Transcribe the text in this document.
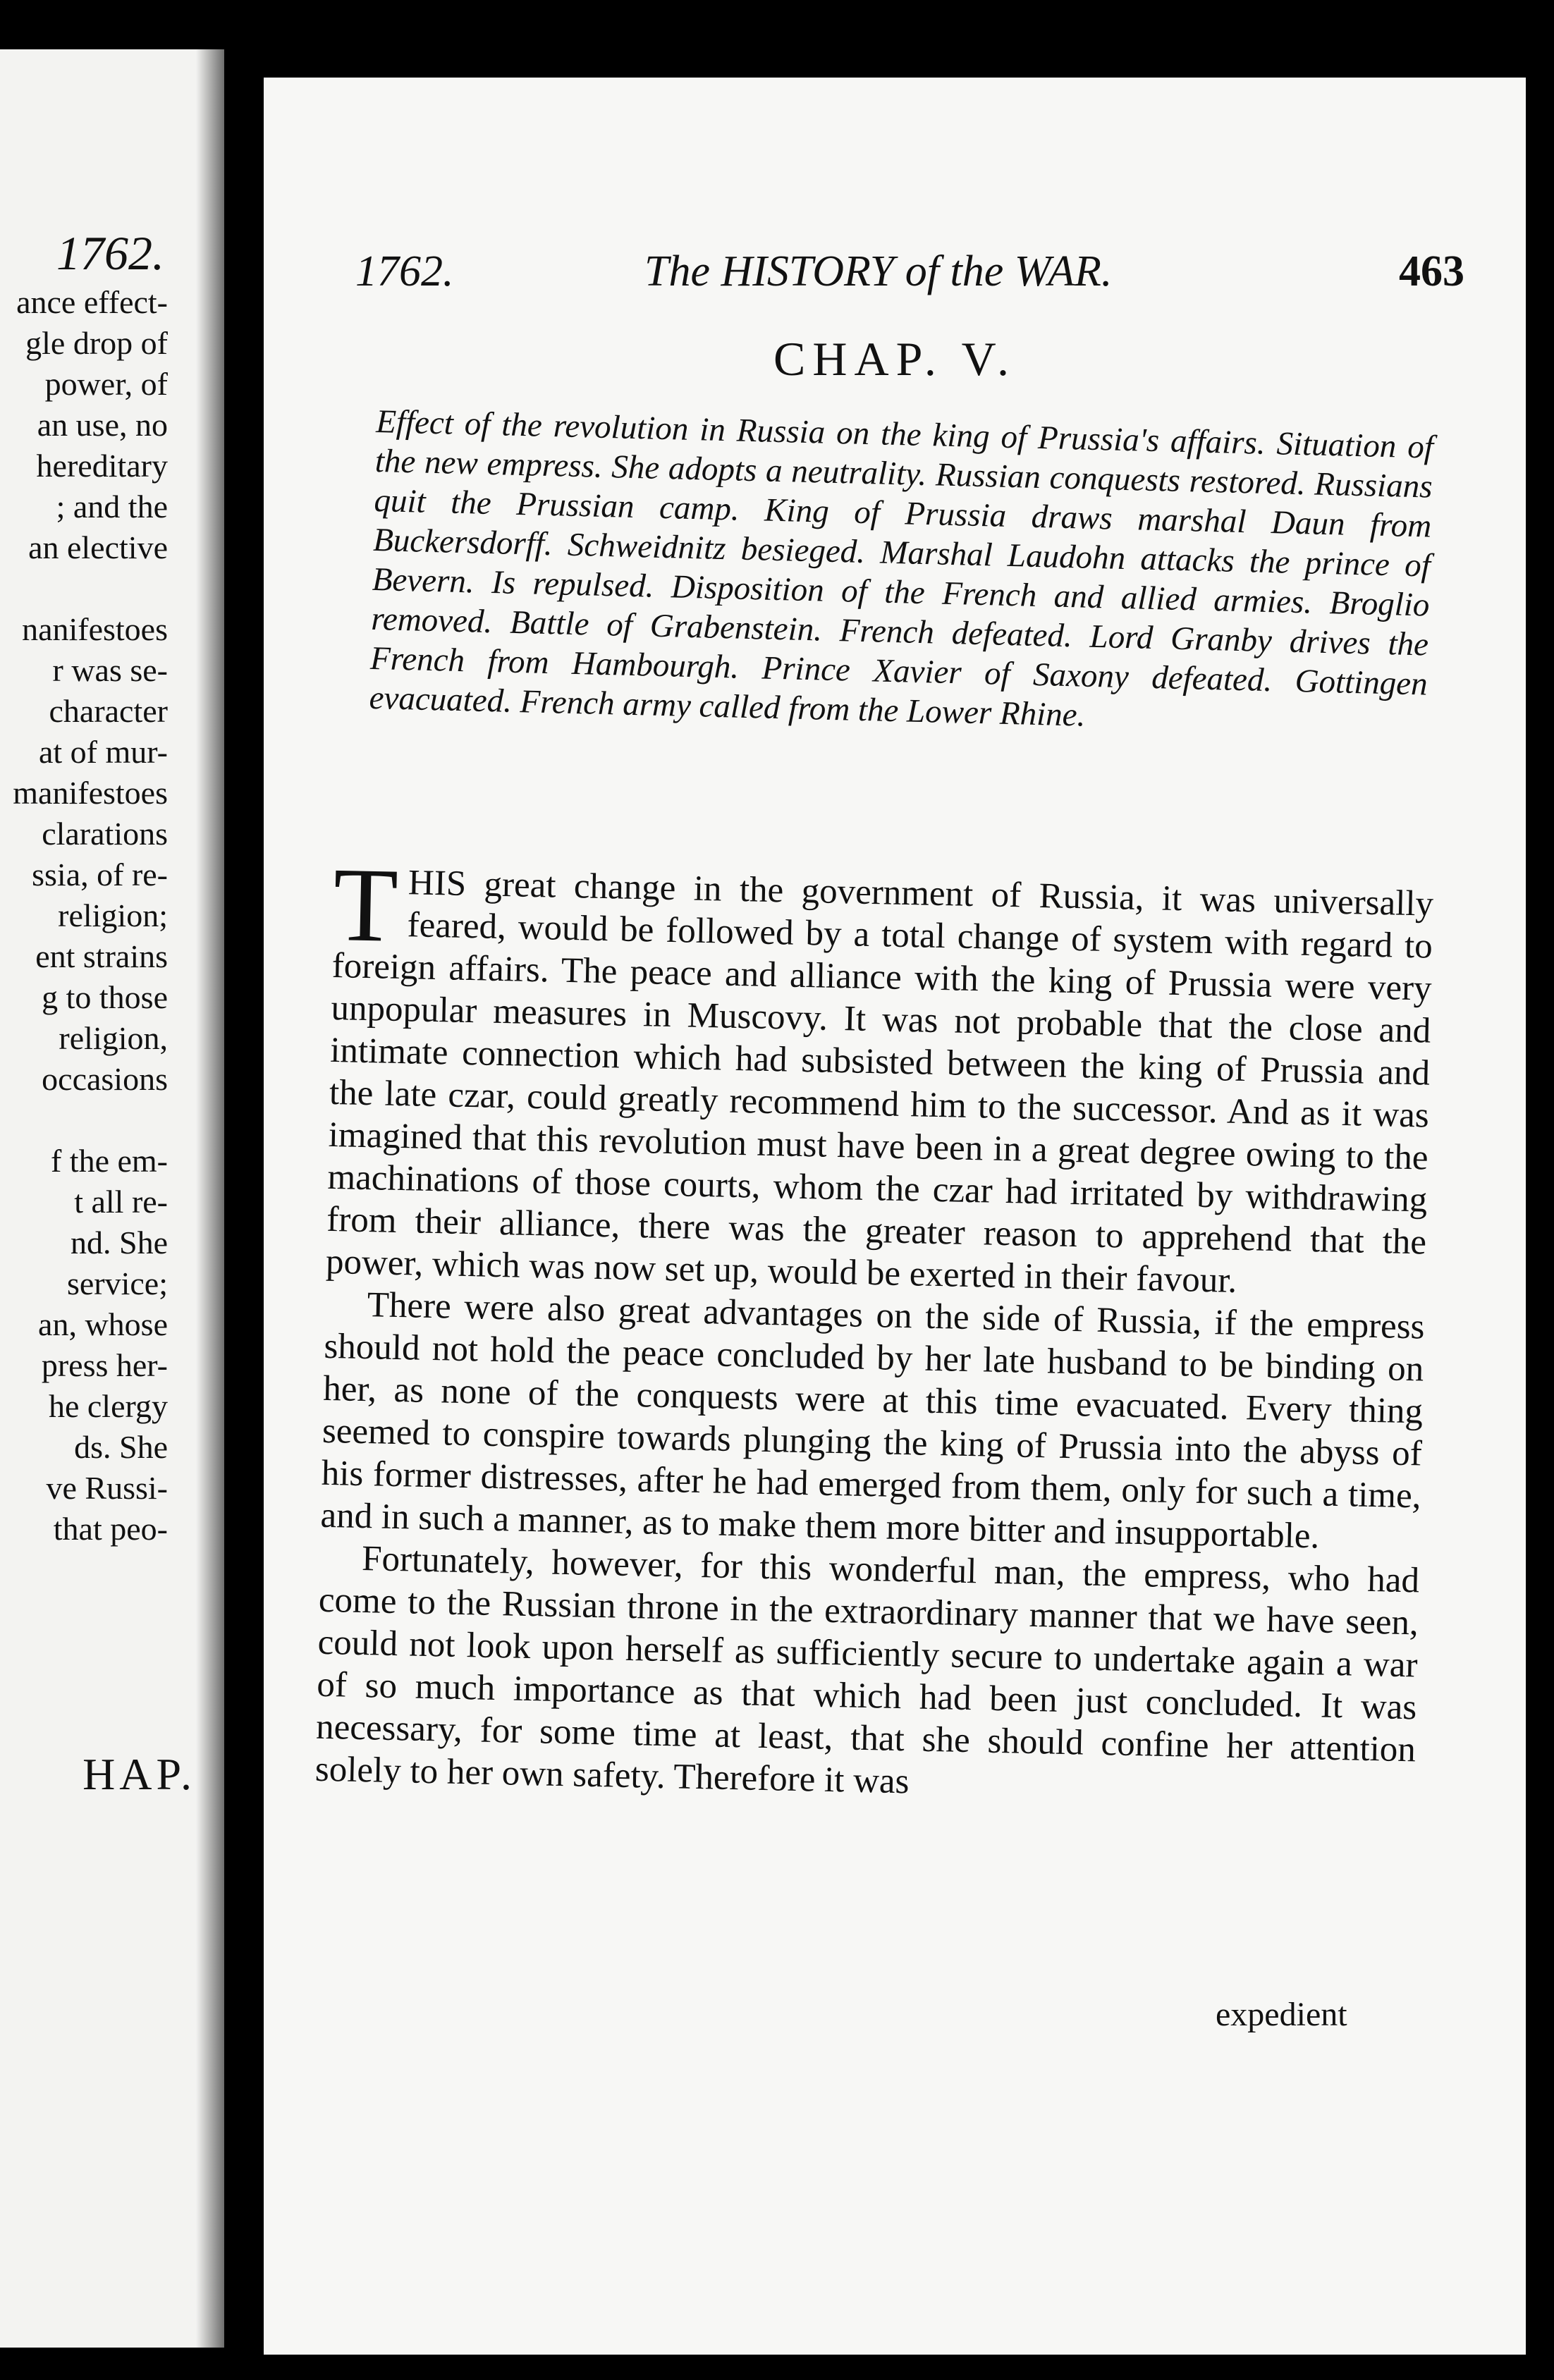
1762.
ance effect-
gle drop of
power, of
an use, no
hereditary
; and the
an elective

nanifestoes
r was se-
character
at of mur-
manifestoes
clarations
ssia, of re-
religion;
ent strains
g to those
religion,
occasions

f the em-
t all re-
nd. She
service;
an, whose
press her-
he clergy
ds. She
ve Russi-
that peo-
HAP.
1762.	The HISTORY of the WAR.	463
CHAP. V.
Effect of the revolution in Russia on the king of Prussia's affairs. Situation of the new empress. She adopts a neutrality. Russian conquests restored. Russians quit the Prussian camp. King of Prussia draws marshal Daun from Buckersdorff. Schweidnitz besieged. Marshal Laudohn attacks the prince of Bevern. Is repulsed. Disposition of the French and allied armies. Broglio removed. Battle of Grabenstein. French defeated. Lord Granby drives the French from Hambourgh. Prince Xavier of Saxony defeated. Gottingen evacuated. French army called from the Lower Rhine.

THIS great change in the government of Russia, it was universally feared, would be followed by a total change of system with regard to foreign affairs. The peace and alliance with the king of Prussia were very unpopular measures in Muscovy. It was not probable that the close and intimate connection which had subsisted between the king of Prussia and the late czar, could greatly recommend him to the successor. And as it was imagined that this revolution must have been in a great degree owing to the machinations of those courts, whom the czar had irritated by withdrawing from their alliance, there was the greater reason to apprehend that the power, which was now set up, would be exerted in their favour.

There were also great advantages on the side of Russia, if the empress should not hold the peace concluded by her late husband to be binding on her, as none of the conquests were at this time evacuated. Every thing seemed to conspire towards plunging the king of Prussia into the abyss of his former distresses, after he had emerged from them, only for such a time, and in such a manner, as to make them more bitter and insupportable.

Fortunately, however, for this wonderful man, the empress, who had come to the Russian throne in the extraordinary manner that we have seen, could not look upon herself as sufficiently secure to undertake again a war of so much importance as that which had been just concluded. It was necessary, for some time at least, that she should confine her attention solely to her own safety. Therefore it was

expedient
